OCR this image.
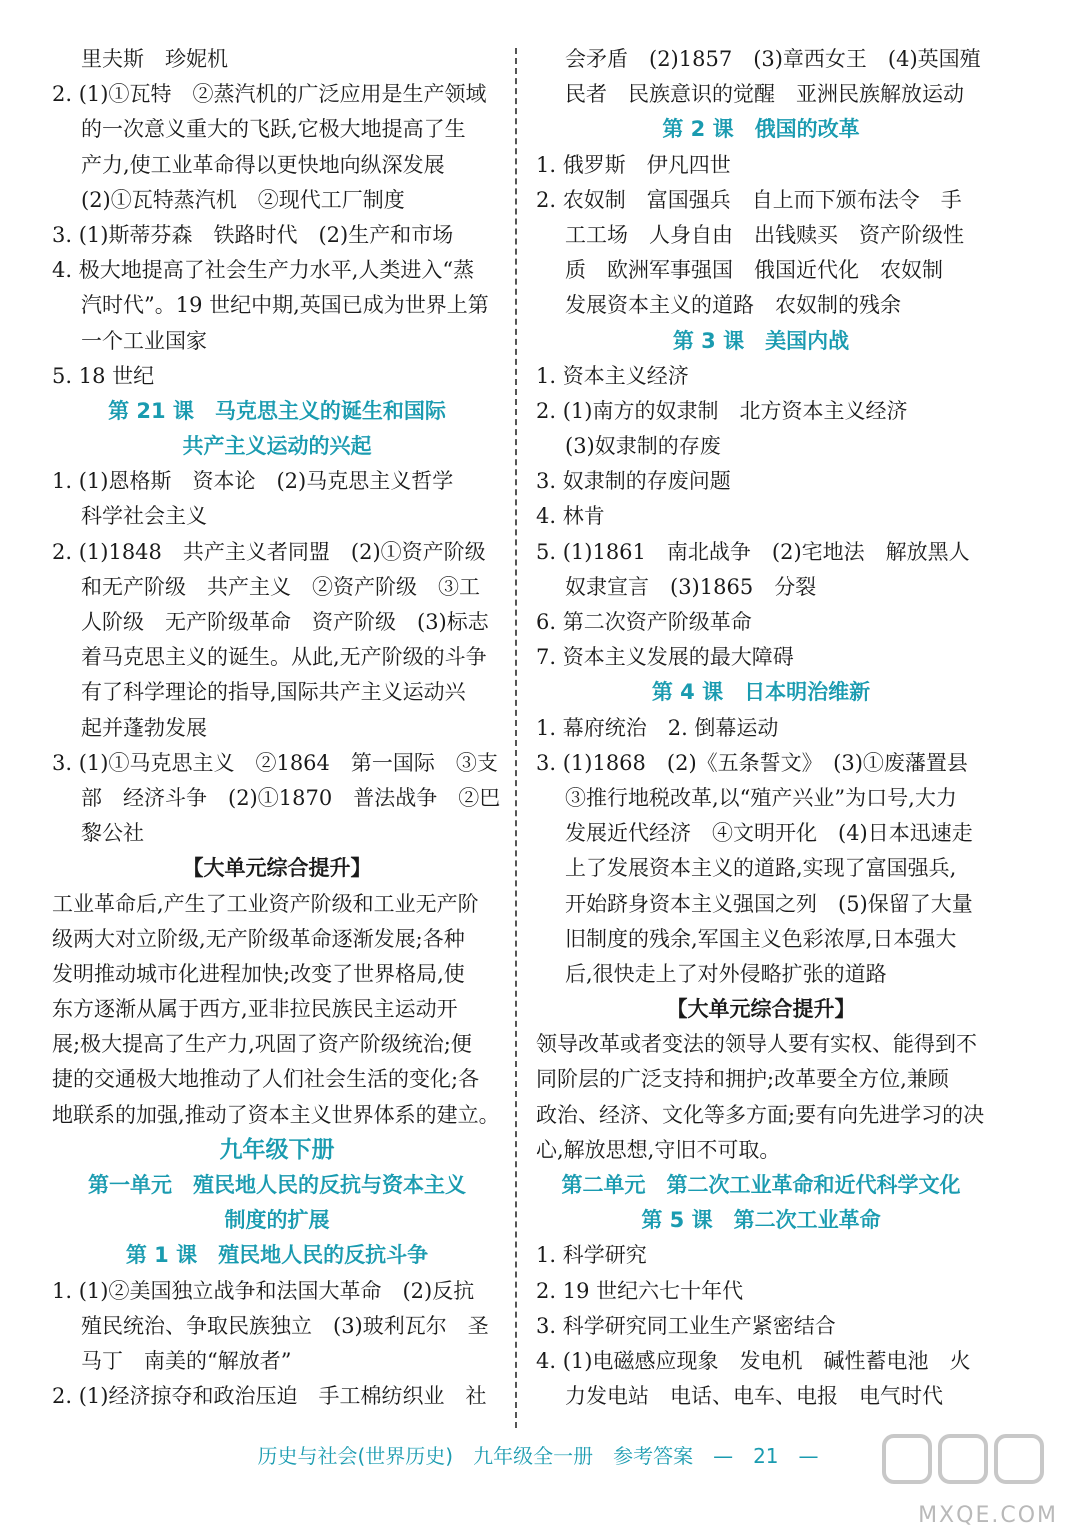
里夫斯　珍妮机
2. (1)①瓦特　②蒸汽机的广泛应用是生产领域
的一次意义重大的飞跃,它极大地提高了生
产力,使工业革命得以更快地向纵深发展
(2)①瓦特蒸汽机　②现代工厂制度
3. (1)斯蒂芬森　铁路时代　(2)生产和市场
4. 极大地提高了社会生产力水平,人类进入“蒸
汽时代”。19 世纪中期,英国已成为世界上第
一个工业国家
5. 18 世纪
第 21 课　马克思主义的诞生和国际
共产主义运动的兴起
1. (1)恩格斯　资本论　(2)马克思主义哲学
科学社会主义
2. (1)1848　共产主义者同盟　(2)①资产阶级
和无产阶级　共产主义　②资产阶级　③工
人阶级　无产阶级革命　资产阶级　(3)标志
着马克思主义的诞生。从此,无产阶级的斗争
有了科学理论的指导,国际共产主义运动兴
起并蓬勃发展
3. (1)①马克思主义　②1864　第一国际　③支
部　经济斗争　(2)①1870　普法战争　②巴
黎公社
【大单元综合提升】
工业革命后,产生了工业资产阶级和工业无产阶
级两大对立阶级,无产阶级革命逐渐发展;各种
发明推动城市化进程加快;改变了世界格局,使
东方逐渐从属于西方,亚非拉民族民主运动开
展;极大提高了生产力,巩固了资产阶级统治;便
捷的交通极大地推动了人们社会生活的变化;各
地联系的加强,推动了资本主义世界体系的建立。
九年级下册
第一单元　殖民地人民的反抗与资本主义
制度的扩展
第 1 课　殖民地人民的反抗斗争
1. (1)②美国独立战争和法国大革命　(2)反抗
殖民统治、争取民族独立　(3)玻利瓦尔　圣
马丁　南美的“解放者”
2. (1)经济掠夺和政治压迫　手工棉纺织业　社
会矛盾　(2)1857　(3)章西女王　(4)英国殖
民者　民族意识的觉醒　亚洲民族解放运动
第 2 课　俄国的改革
1. 俄罗斯　伊凡四世
2. 农奴制　富国强兵　自上而下颁布法令　手
工工场　人身自由　出钱赎买　资产阶级性
质　欧洲军事强国　俄国近代化　农奴制
发展资本主义的道路　农奴制的残余
第 3 课　美国内战
1. 资本主义经济
2. (1)南方的奴隶制　北方资本主义经济
(3)奴隶制的存废
3. 奴隶制的存废问题
4. 林肯
5. (1)1861　南北战争　(2)宅地法　解放黑人
奴隶宣言　(3)1865　分裂
6. 第二次资产阶级革命
7. 资本主义发展的最大障碍
第 4 课　日本明治维新
1. 幕府统治　2. 倒幕运动
3. (1)1868　(2)《五条誓文》　(3)①废藩置县
③推行地税改革,以“殖产兴业”为口号,大力
发展近代经济　④文明开化　(4)日本迅速走
上了发展资本主义的道路,实现了富国强兵,
开始跻身资本主义强国之列　(5)保留了大量
旧制度的残余,军国主义色彩浓厚,日本强大
后,很快走上了对外侵略扩张的道路
【大单元综合提升】
领导改革或者变法的领导人要有实权、能得到不
同阶层的广泛支持和拥护;改革要全方位,兼顾
政治、经济、文化等多方面;要有向先进学习的决
心,解放思想,守旧不可取。
第二单元　第二次工业革命和近代科学文化
第 5 课　第二次工业革命
1. 科学研究
2. 19 世纪六七十年代
3. 科学研究同工业生产紧密结合
4. (1)电磁感应现象　发电机　碱性蓄电池　火
力发电站　电话、电车、电报　电气时代
历史与社会(世界历史)　九年级全一册　参考答案　—　21　—
MXQE.COM
